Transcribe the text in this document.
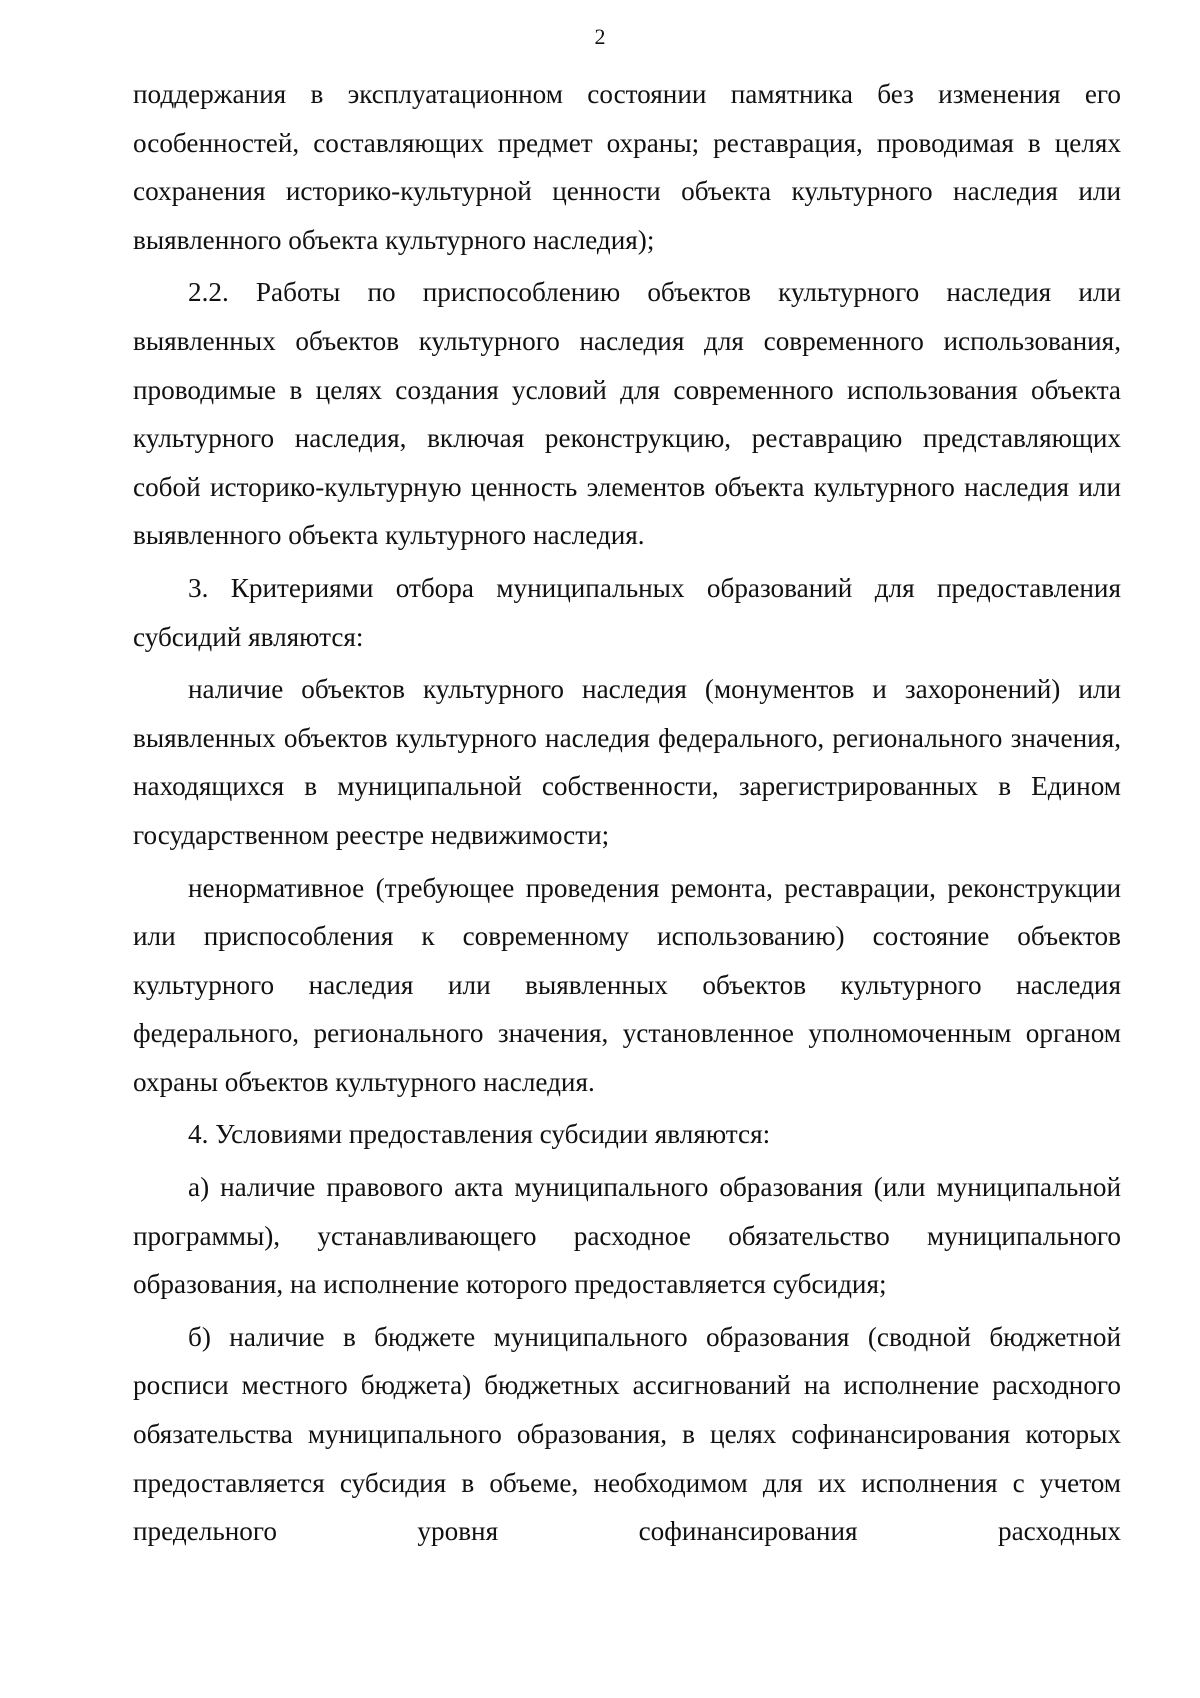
2

поддержания в эксплуатационном состоянии памятника без изменения его особенностей, составляющих предмет охраны; реставрация, проводимая в целях сохранения историко-культурной ценности объекта культурного наследия или выявленного объекта культурного наследия);

2.2. Работы по приспособлению объектов культурного наследия или выявленных объектов культурного наследия для современного использования, проводимые в целях создания условий для современного использования объекта культурного наследия, включая реконструкцию, реставрацию представляющих собой историко-культурную ценность элементов объекта культурного наследия или выявленного объекта культурного наследия.

3. Критериями отбора муниципальных образований для предоставления субсидий являются:

наличие объектов культурного наследия (монументов и захоронений) или выявленных объектов культурного наследия федерального, регионального значения, находящихся в муниципальной собственности, зарегистрированных в Едином государственном реестре недвижимости;

ненормативное (требующее проведения ремонта, реставрации, реконструкции или приспособления к современному использованию) состояние объектов культурного наследия или выявленных объектов культурного наследия федерального, регионального значения, установленное уполномоченным органом охраны объектов культурного наследия.

4. Условиями предоставления субсидии являются:

а) наличие правового акта муниципального образования (или муниципальной программы), устанавливающего расходное обязательство муниципального образования, на исполнение которого предоставляется субсидия;

б) наличие в бюджете муниципального образования (сводной бюджетной росписи местного бюджета) бюджетных ассигнований на исполнение расходного обязательства муниципального образования, в целях софинансирования которых предоставляется субсидия в объеме, необходимом для их исполнения с учетом предельного уровня софинансирования расходных
